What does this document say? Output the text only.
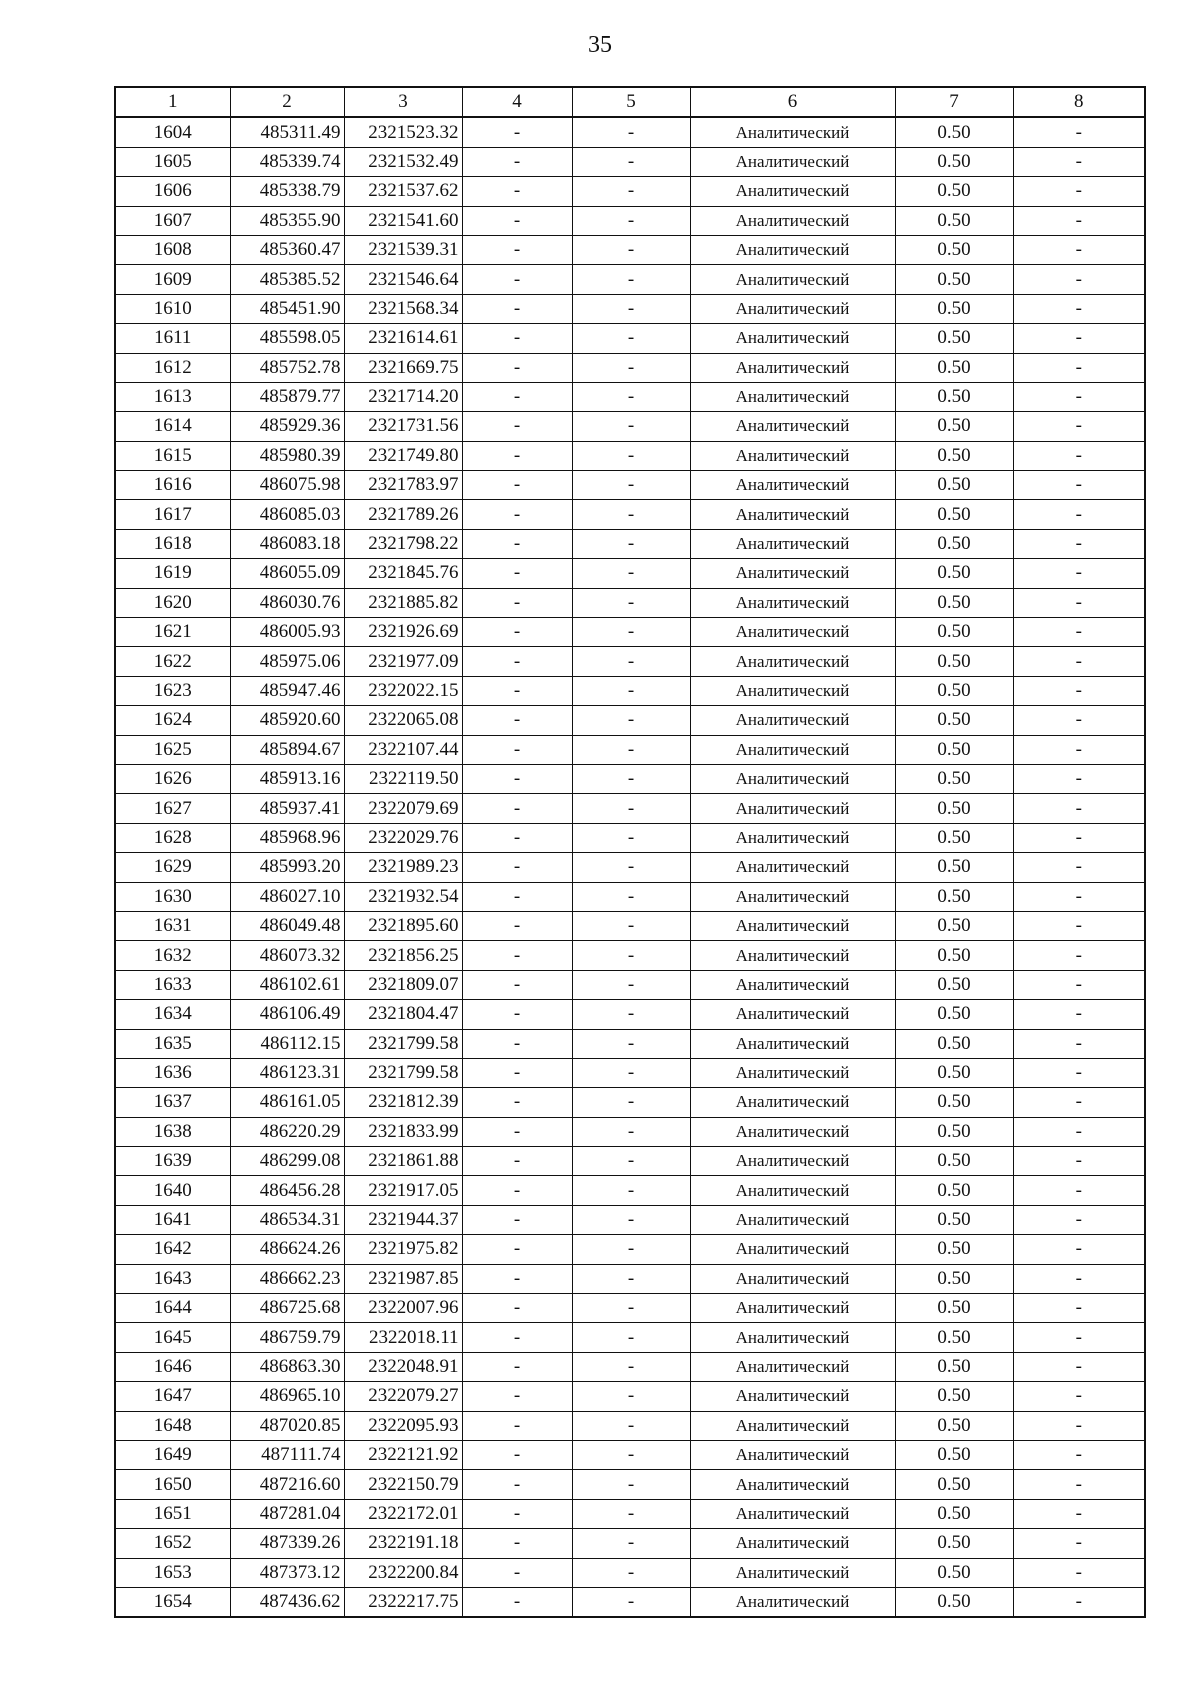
35
1	2	3	4	5	6	7	8
1604	485311.49	2321523.32	-	-	Аналитический	0.50	-
1605	485339.74	2321532.49	-	-	Аналитический	0.50	-
1606	485338.79	2321537.62	-	-	Аналитический	0.50	-
1607	485355.90	2321541.60	-	-	Аналитический	0.50	-
1608	485360.47	2321539.31	-	-	Аналитический	0.50	-
1609	485385.52	2321546.64	-	-	Аналитический	0.50	-
1610	485451.90	2321568.34	-	-	Аналитический	0.50	-
1611	485598.05	2321614.61	-	-	Аналитический	0.50	-
1612	485752.78	2321669.75	-	-	Аналитический	0.50	-
1613	485879.77	2321714.20	-	-	Аналитический	0.50	-
1614	485929.36	2321731.56	-	-	Аналитический	0.50	-
1615	485980.39	2321749.80	-	-	Аналитический	0.50	-
1616	486075.98	2321783.97	-	-	Аналитический	0.50	-
1617	486085.03	2321789.26	-	-	Аналитический	0.50	-
1618	486083.18	2321798.22	-	-	Аналитический	0.50	-
1619	486055.09	2321845.76	-	-	Аналитический	0.50	-
1620	486030.76	2321885.82	-	-	Аналитический	0.50	-
1621	486005.93	2321926.69	-	-	Аналитический	0.50	-
1622	485975.06	2321977.09	-	-	Аналитический	0.50	-
1623	485947.46	2322022.15	-	-	Аналитический	0.50	-
1624	485920.60	2322065.08	-	-	Аналитический	0.50	-
1625	485894.67	2322107.44	-	-	Аналитический	0.50	-
1626	485913.16	2322119.50	-	-	Аналитический	0.50	-
1627	485937.41	2322079.69	-	-	Аналитический	0.50	-
1628	485968.96	2322029.76	-	-	Аналитический	0.50	-
1629	485993.20	2321989.23	-	-	Аналитический	0.50	-
1630	486027.10	2321932.54	-	-	Аналитический	0.50	-
1631	486049.48	2321895.60	-	-	Аналитический	0.50	-
1632	486073.32	2321856.25	-	-	Аналитический	0.50	-
1633	486102.61	2321809.07	-	-	Аналитический	0.50	-
1634	486106.49	2321804.47	-	-	Аналитический	0.50	-
1635	486112.15	2321799.58	-	-	Аналитический	0.50	-
1636	486123.31	2321799.58	-	-	Аналитический	0.50	-
1637	486161.05	2321812.39	-	-	Аналитический	0.50	-
1638	486220.29	2321833.99	-	-	Аналитический	0.50	-
1639	486299.08	2321861.88	-	-	Аналитический	0.50	-
1640	486456.28	2321917.05	-	-	Аналитический	0.50	-
1641	486534.31	2321944.37	-	-	Аналитический	0.50	-
1642	486624.26	2321975.82	-	-	Аналитический	0.50	-
1643	486662.23	2321987.85	-	-	Аналитический	0.50	-
1644	486725.68	2322007.96	-	-	Аналитический	0.50	-
1645	486759.79	2322018.11	-	-	Аналитический	0.50	-
1646	486863.30	2322048.91	-	-	Аналитический	0.50	-
1647	486965.10	2322079.27	-	-	Аналитический	0.50	-
1648	487020.85	2322095.93	-	-	Аналитический	0.50	-
1649	487111.74	2322121.92	-	-	Аналитический	0.50	-
1650	487216.60	2322150.79	-	-	Аналитический	0.50	-
1651	487281.04	2322172.01	-	-	Аналитический	0.50	-
1652	487339.26	2322191.18	-	-	Аналитический	0.50	-
1653	487373.12	2322200.84	-	-	Аналитический	0.50	-
1654	487436.62	2322217.75	-	-	Аналитический	0.50	-
